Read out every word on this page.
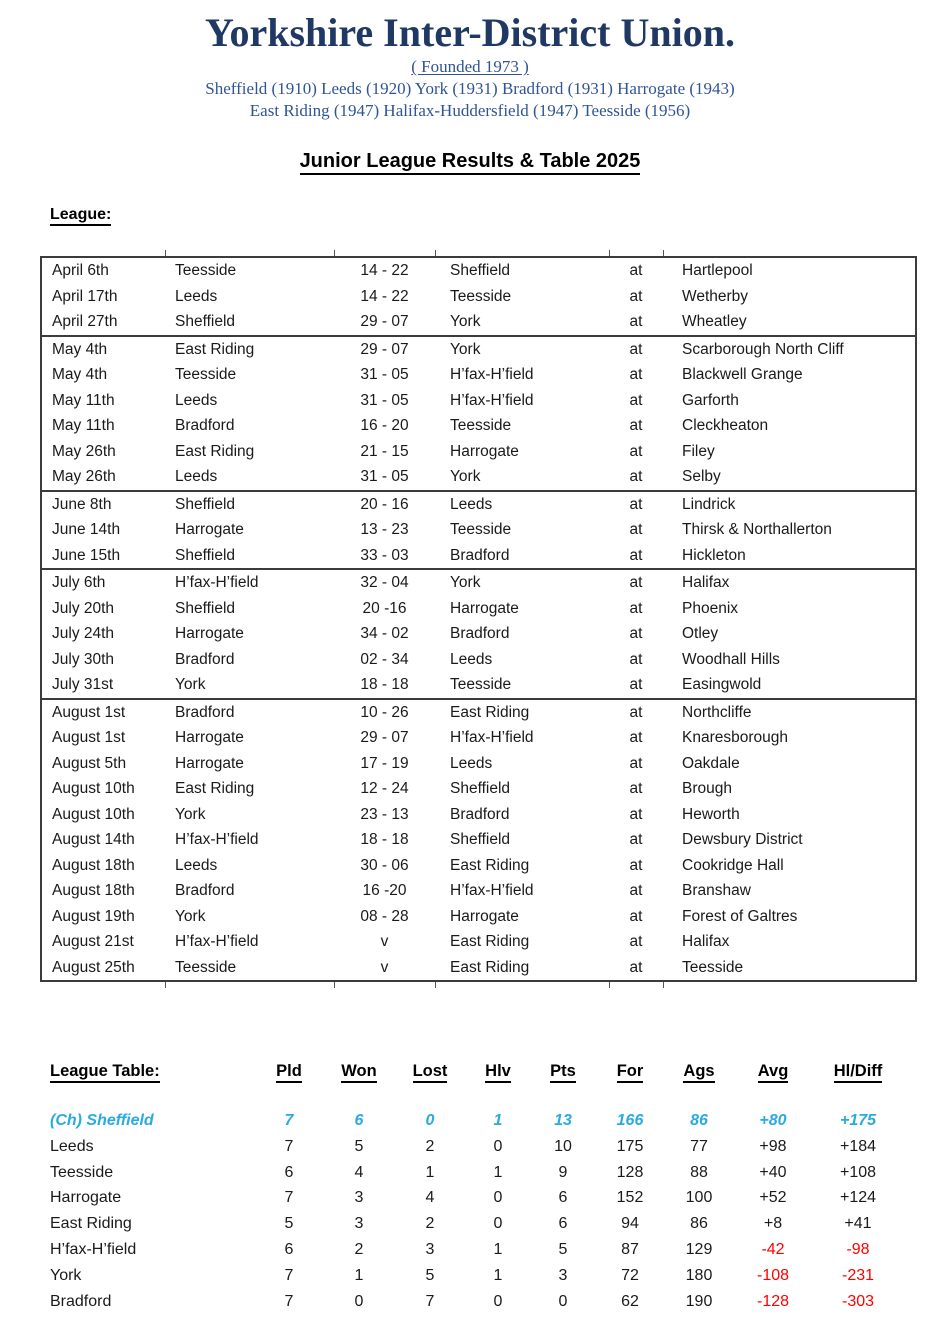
Yorkshire Inter-District Union.
( Founded 1973 )
Sheffield (1910) Leeds (1920) York (1931) Bradford (1931) Harrogate (1943)
East Riding (1947) Halifax-Huddersfield (1947) Teesside (1956)
Junior League Results & Table 2025
League:
April 6th	Teesside	14 - 22	Sheffield	at	Hartlepool
April 17th	Leeds	14 - 22	Teesside	at	Wetherby
April 27th	Sheffield	29 - 07	York	at	Wheatley
May 4th	East Riding	29 - 07	York	at	Scarborough North Cliff
May 4th	Teesside	31 - 05	H’fax-H’field	at	Blackwell Grange
May 11th	Leeds	31 - 05	H’fax-H’field	at	Garforth
May 11th	Bradford	16 - 20	Teesside	at	Cleckheaton
May 26th	East Riding	21 - 15	Harrogate	at	Filey
May 26th	Leeds	31 - 05	York	at	Selby
June 8th	Sheffield	20 - 16	Leeds	at	Lindrick
June 14th	Harrogate	13 - 23	Teesside	at	Thirsk & Northallerton
June 15th	Sheffield	33 - 03	Bradford	at	Hickleton
July 6th	H’fax-H’field	32 - 04	York	at	Halifax
July 20th	Sheffield	20 -16	Harrogate	at	Phoenix
July 24th	Harrogate	34 - 02	Bradford	at	Otley
July 30th	Bradford	02 - 34	Leeds	at	Woodhall Hills
July 31st	York	18 - 18	Teesside	at	Easingwold
August 1st	Bradford	10 - 26	East Riding	at	Northcliffe
August 1st	Harrogate	29 - 07	H’fax-H’field	at	Knaresborough
August 5th	Harrogate	17 - 19	Leeds	at	Oakdale
August 10th	East Riding	12 - 24	Sheffield	at	Brough
August 10th	York	23 - 13	Bradford	at	Heworth
August 14th	H’fax-H’field	18 - 18	Sheffield	at	Dewsbury District
August 18th	Leeds	30 - 06	East Riding	at	Cookridge Hall
August 18th	Bradford	16 -20	H’fax-H’field	at	Branshaw
August 19th	York	08 - 28	Harrogate	at	Forest of Galtres
August 21st	H’fax-H’field	v	East Riding	at	Halifax
August 25th	Teesside	v	East Riding	at	Teesside
League Table:	Pld	Won	Lost	Hlv	Pts	For	Ags	Avg	Hl/Diff
(Ch) Sheffield	7	6	0	1	13	166	86	+80	+175
Leeds	7	5	2	0	10	175	77	+98	+184
Teesside	6	4	1	1	9	128	88	+40	+108
Harrogate	7	3	4	0	6	152	100	+52	+124
East Riding	5	3	2	0	6	94	86	+8	+41
H’fax-H’field	6	2	3	1	5	87	129	-42	-98
York	7	1	5	1	3	72	180	-108	-231
Bradford	7	0	7	0	0	62	190	-128	-303
